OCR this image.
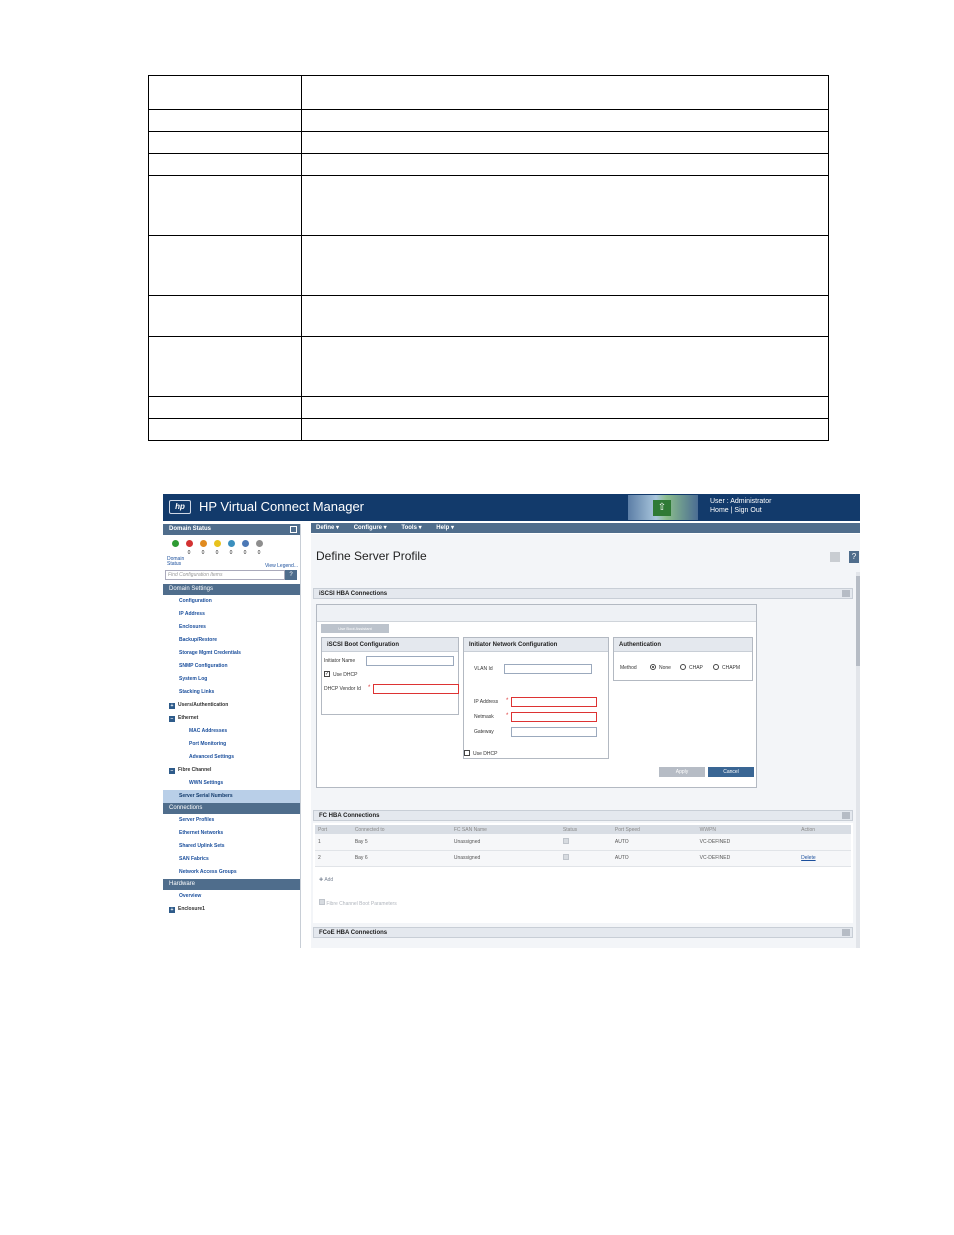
hp	HP Virtual Connect Manager	⇧
User : Administrator
Home | Sign Out
Domain Status
0	0	0	0	0	0
Domain
Status	View Legend...
Find Configuration Items	?
Domain Settings
Configuration
IP Address
Enclosures
Backup/Restore
Storage Mgmt Credentials
SNMP Configuration
System Log
Stacking Links
+ Users/Authentication
− Ethernet
MAC Addresses
Port Monitoring
Advanced Settings
− Fibre Channel
WWN Settings
Server Serial Numbers
Connections
Server Profiles
Ethernet Networks
Shared Uplink Sets
SAN Fabrics
Network Access Groups
Hardware
Overview
+ Enclosure1
Define ▾ Configure ▾ Tools ▾ Help ▾
Define Server Profile	?
iSCSI HBA Connections
Use Boot Assistant
iSCSI Boot Configuration
Initiator Name
✓ Use DHCP
DHCP Vendor Id *
Initiator Network Configuration
VLAN Id
IP Address *
Netmask *
Gateway
Use DHCP
Authentication
Method	None	CHAP	CHAPM
Apply	Cancel
FC HBA Connections
Port	Connected to	FC SAN Name	Status	Port Speed	WWPN	Action
1	Bay 5	Unassigned		AUTO	VC-DEFINED	
2	Bay 6	Unassigned		AUTO	VC-DEFINED	Delete
✚ Add
Fibre Channel Boot Parameters
FCoE HBA Connections
